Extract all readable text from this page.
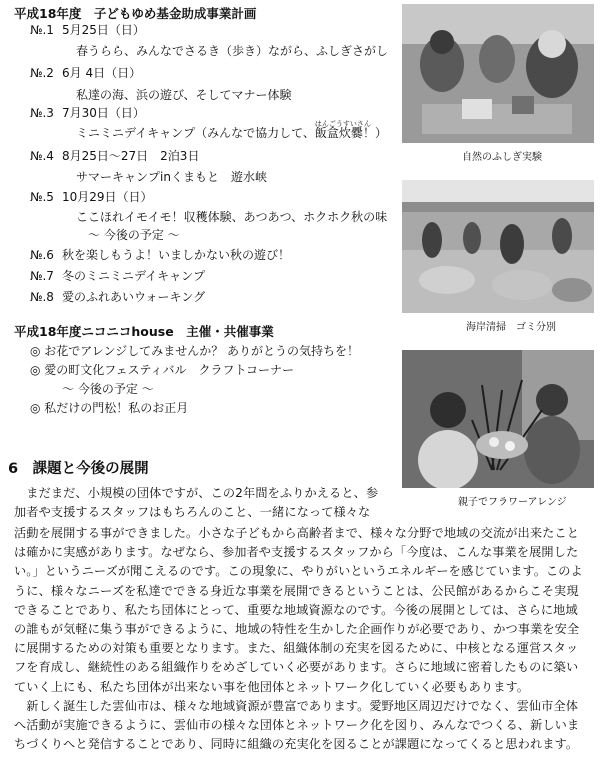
平成18年度　子どもゆめ基金助成事業計画
№.1 5月25日（日）
春うらら、みんなでさるき（歩き）ながら、ふしぎさがし
№.2 6月 4日（日）
私達の海、浜の遊び、そしてマナー体験
№.3 7月30日（日）
ミニミニデイキャンプ（みんなで協力して、
はんごうすいさん
飯盒炊爨！）
№.4 8月25日～27日　2泊3日
サマーキャンプinくまもと　遊水峡
№.5 10月29日（日）
ここほれイモイモ！収穫体験、あつあつ、ホクホク秋の味
～ 今後の予定 ～
№.6 秋を楽しもうよ！いましかない秋の遊び！
№.7 冬のミニミニデイキャンプ
№.8 愛のふれあいウォーキング
平成18年度ニコニコhouse　主催・共催事業
◎ お花でアレンジしてみませんか？ ありがとうの気持ちを！
◎ 愛の町文化フェスティバル　クラフトコーナー
～ 今後の予定 ～
◎ 私だけの門松！私のお正月
自然のふしぎ実験
海岸清掃　ゴミ分別
親子でフラワーアレンジ
6　 課題と今後の展開

　まだまだ、小規模の団体ですが、この2年間をふりかえると、参

加者や支援するスタッフはもちろんのこと、一緒になって様々な

活動を展開する事ができました。小さな子どもから高齢者まで、様々な分野で地域の交流が出来たこと

は確かに実感があります。なぜなら、参加者や支援するスタッフから「今度は、こんな事業を展開した

い。」というニーズが聞こえるのです。この現象に、やりがいというエネルギーを感じています。このよ

うに、様々なニーズを私達でできる身近な事業を展開できるということは、公民館があるからこそ実現

できることであり、私たち団体にとって、重要な地域資源なのです。今後の展開としては、さらに地域

の誰もが気軽に集う事ができるように、地域の特性を生かした企画作りが必要であり、かつ事業を安全

に展開するための対策も重要となります。また、組織体制の充実を図るために、中核となる運営スタッ

フを育成し、継続性のある組織作りをめざしていく必要があります。さらに地域に密着したものに築い

ていく上にも、私たち団体が出来ない事を他団体とネットワーク化していく必要もあります。

　新しく誕生した雲仙市は、様々な地域資源が豊富であります。愛野地区周辺だけでなく、雲仙市全体

へ活動が実施できるように、雲仙市の様々な団体とネットワーク化を図り、みんなでつくる、新しいま

ちづくりへと発信することであり、同時に組織の充実化を図ることが課題になってくると思われます。
